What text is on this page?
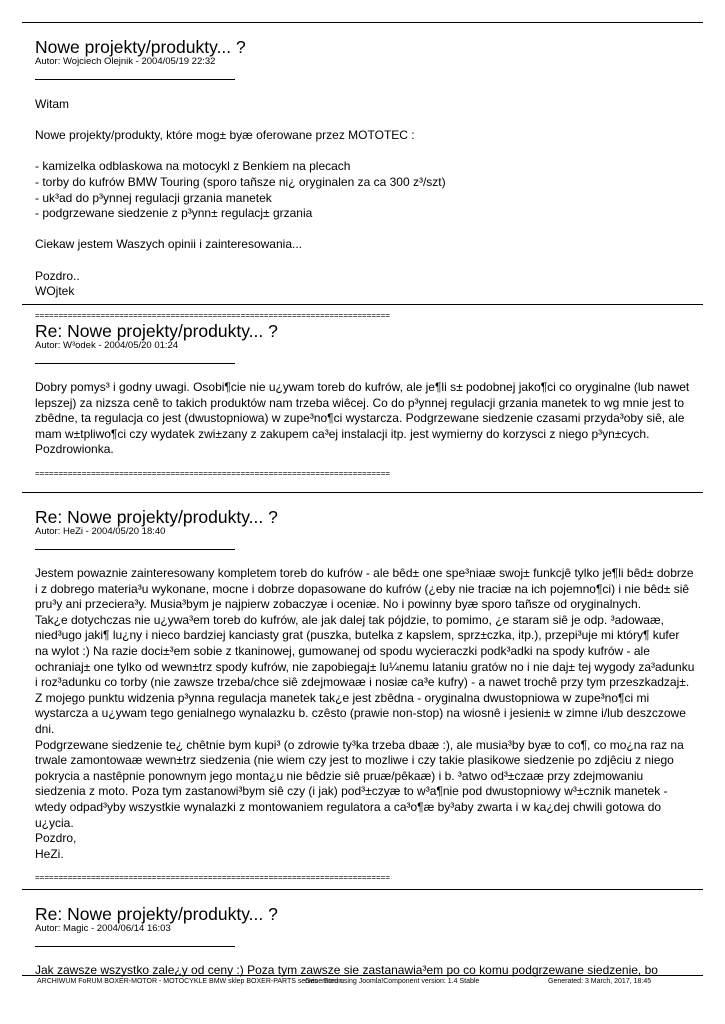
Nowe projekty/produkty... ?

Autor: Wojciech Olejnik - 2004/05/19 22:32

Witam

Nowe projekty/produkty, które mog± byæ oferowane przez MOTOTEC :

- kamizelka odblaskowa na motocykl z Benkiem na plecach

- torby do kufrów BMW Touring (sporo tañsze ni¿ oryginalen za ca 300 z³/szt)

- uk³ad do p³ynnej regulacji grzania manetek

- podgrzewane siedzenie z p³ynn± regulacj± grzania

Ciekaw jestem Waszych opinii i zainteresowania...

Pozdro..

WOjtek

============================================================================
Re: Nowe projekty/produkty... ?

Autor: W³odek - 2004/05/20 01:24

Dobry pomys³ i godny uwagi. Osobi¶cie nie u¿ywam toreb do kufrów, ale je¶li s± podobnej jako¶ci co oryginalne (lub nawet lepszej) za nizsza cenê to takich produktów nam trzeba wiêcej. Co do p³ynnej regulacji grzania manetek to wg mnie jest to zbêdne, ta regulacja co jest (dwustopniowa) w zupe³no¶ci wystarcza. Podgrzewane siedzenie czasami przyda³oby siê, ale mam w±tpliwo¶ci czy wydatek zwi±zany z zakupem ca³ej instalacji itp. jest wymierny do korzysci z niego p³yn±cych.

Pozdrowionka.

============================================================================
Re: Nowe projekty/produkty... ?

Autor: HeZi - 2004/05/20 18:40

Jestem powaznie zainteresowany kompletem toreb do kufrów - ale bêd± one spe³niaæ swoj± funkcjê tylko je¶li bêd± dobrze i z dobrego materia³u wykonane, mocne i dobrze dopasowane do kufrów (¿eby nie traciæ na ich pojemno¶ci) i nie bêd± siê pru³y ani przeciera³y. Musia³bym je najpierw zobaczyæ i oceniæ. No i powinny byæ sporo tañsze od oryginalnych.

Tak¿e dotychczas nie u¿ywa³em toreb do kufrów, ale jak dalej tak pójdzie, to pomimo, ¿e staram siê je odp. ³adowaæ, nied³ugo jaki¶ lu¿ny i nieco bardziej kanciasty grat (puszka, butelka z kapslem, sprz±czka, itp.), przepi³uje mi który¶ kufer na wylot :) Na razie doci±³em sobie z tkaninowej, gumowanej od spodu wycieraczki podk³adki na spody kufrów - ale ochraniaj± one tylko od wewn±trz spody kufrów, nie zapobiegaj± lu¼nemu lataniu gratów no i nie daj± tej wygody za³adunku i roz³adunku co torby (nie zawsze trzeba/chce siê zdejmowaæ i nosiæ ca³e kufry) - a nawet trochê przy tym przeszkadzaj±.

Z mojego punktu widzenia p³ynna regulacja manetek tak¿e jest zbêdna - oryginalna dwustopniowa w zupe³no¶ci mi wystarcza a u¿ywam tego genialnego wynalazku b. czêsto (prawie non-stop) na wiosnê i jesieni± w zimne i/lub deszczowe dni.

Podgrzewane siedzenie te¿ chêtnie bym kupi³ (o zdrowie ty³ka trzeba dbaæ :), ale musia³by byæ to co¶, co mo¿na raz na trwale zamontowaæ wewn±trz siedzenia (nie wiem czy jest to mozliwe i czy takie plasikowe siedzenie po zdjêciu z niego pokrycia a nastêpnie ponownym jego monta¿u nie bêdzie siê pruæ/pêkaæ) i b. ³atwo od³±czaæ przy zdejmowaniu siedzenia z moto. Poza tym zastanowi³bym siê czy (i jak) pod³±czyæ to w³a¶nie pod dwustopniowy w³±cznik manetek - wtedy odpad³yby wszystkie wynalazki z montowaniem regulatora a ca³o¶æ by³aby zwarta i w ka¿dej chwili gotowa do u¿ycia.

Pozdro,

HeZi.

============================================================================
Re: Nowe projekty/produkty... ?

Autor: Magic - 2004/06/14 16:03

Jak zawsze wszystko zale¿y od ceny :) Poza tym zawsze sie zastanawia³em po co komu podgrzewane siedzenie, bo

ARCHIWUM FoRUM BOXER-MOTOR - MOTOCYKLE BMW sklep BOXER-PARTS serwis - Forum
Generated using Joomla!Component version: 1.4 Stable	Generated: 3 March, 2017, 18:45
